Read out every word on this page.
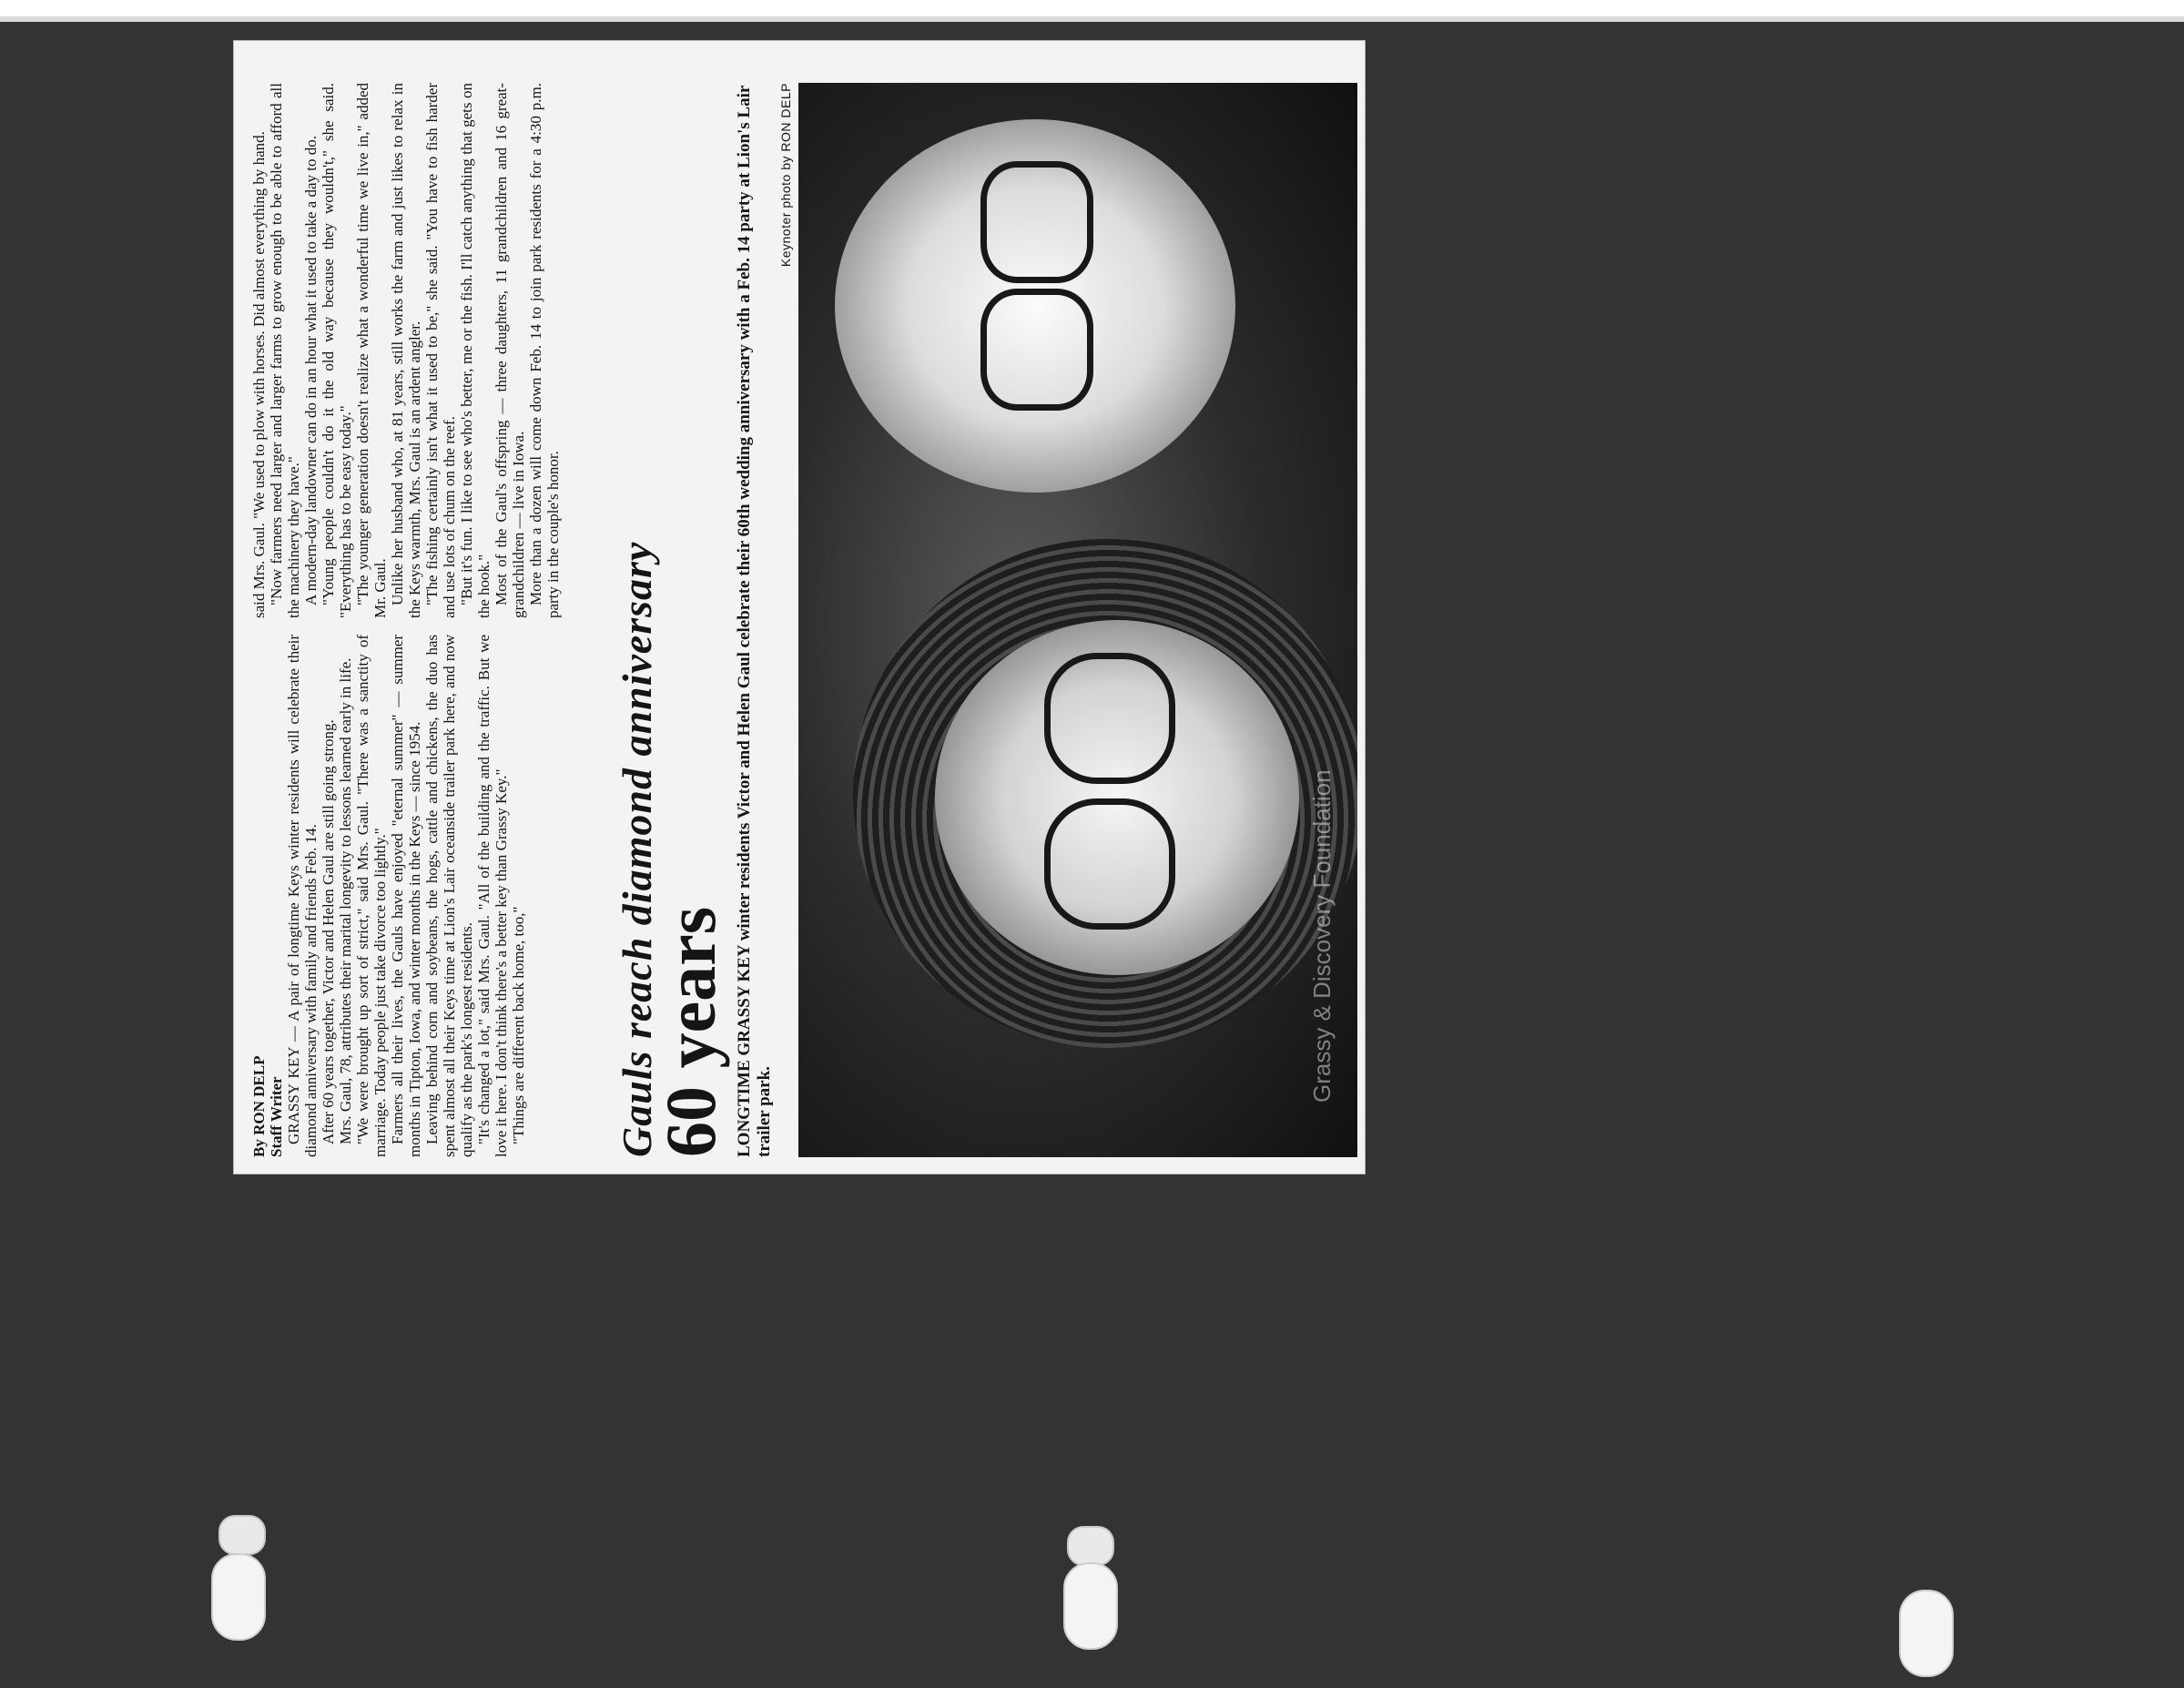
Grassy & Discovery Foundation
Keynoter photo by RON DELP
LONGTIME GRASSY KEY winter residents Victor and Helen Gaul celebrate their 60th wedding anniversary with a Feb. 14 party at Lion's Lair trailer park.
60 years
Gauls reach diamond anniversary
By RON DELP Staff Writer GRASSY KEY — A pair of longtime Keys winter residents will celebrate their diamond anniversary with family and friends Feb. 14. After 60 years together, Victor and Helen Gaul are still going strong. Mrs. Gaul, 78, attributes their marital longevity to lessons learned early in life. "We were brought up sort of strict," said Mrs. Gaul. "There was a sanctity of marriage. Today people just take divorce too lightly." Farmers all their lives, the Gauls have enjoyed "eternal summer" — summer months in Tipton, Iowa, and winter months in the Keys — since 1954. Leaving behind corn and soybeans, the hogs, cattle and chickens, the duo has spent almost all their Keys time at Lion's Lair oceanside trailer park here, and now qualify as the park's longest residents. "It's changed a lot," said Mrs. Gaul. "All of the building and the traffic. But we love it here. I don't think there's a better key than Grassy Key." "Things are different back home, too,"

said Mrs. Gaul. "We used to plow with horses. Did almost everything by hand. "Now farmers need larger and larger farms to grow enough to be able to afford all the machinery they have." A modern-day landowner can do in an hour what it used to take a day to do. "Young people couldn't do it the old way because they wouldn't," she said. "Everything has to be easy today." "The younger generation doesn't realize what a wonderful time we live in," added Mr. Gaul. Unlike her husband who, at 81 years, still works the farm and just likes to relax in the Keys warmth, Mrs. Gaul is an ardent angler. "The fishing certainly isn't what it used to be," she said. "You have to fish harder and use lots of chum on the reef. "But it's fun. I like to see who's better, me or the fish. I'll catch anything that gets on the hook." Most of the Gaul's offspring — three daughters, 11 grandchildren and 16 great-grandchildren — live in Iowa. More than a dozen will come down Feb. 14 to join park residents for a 4:30 p.m. party in the couple's honor.
